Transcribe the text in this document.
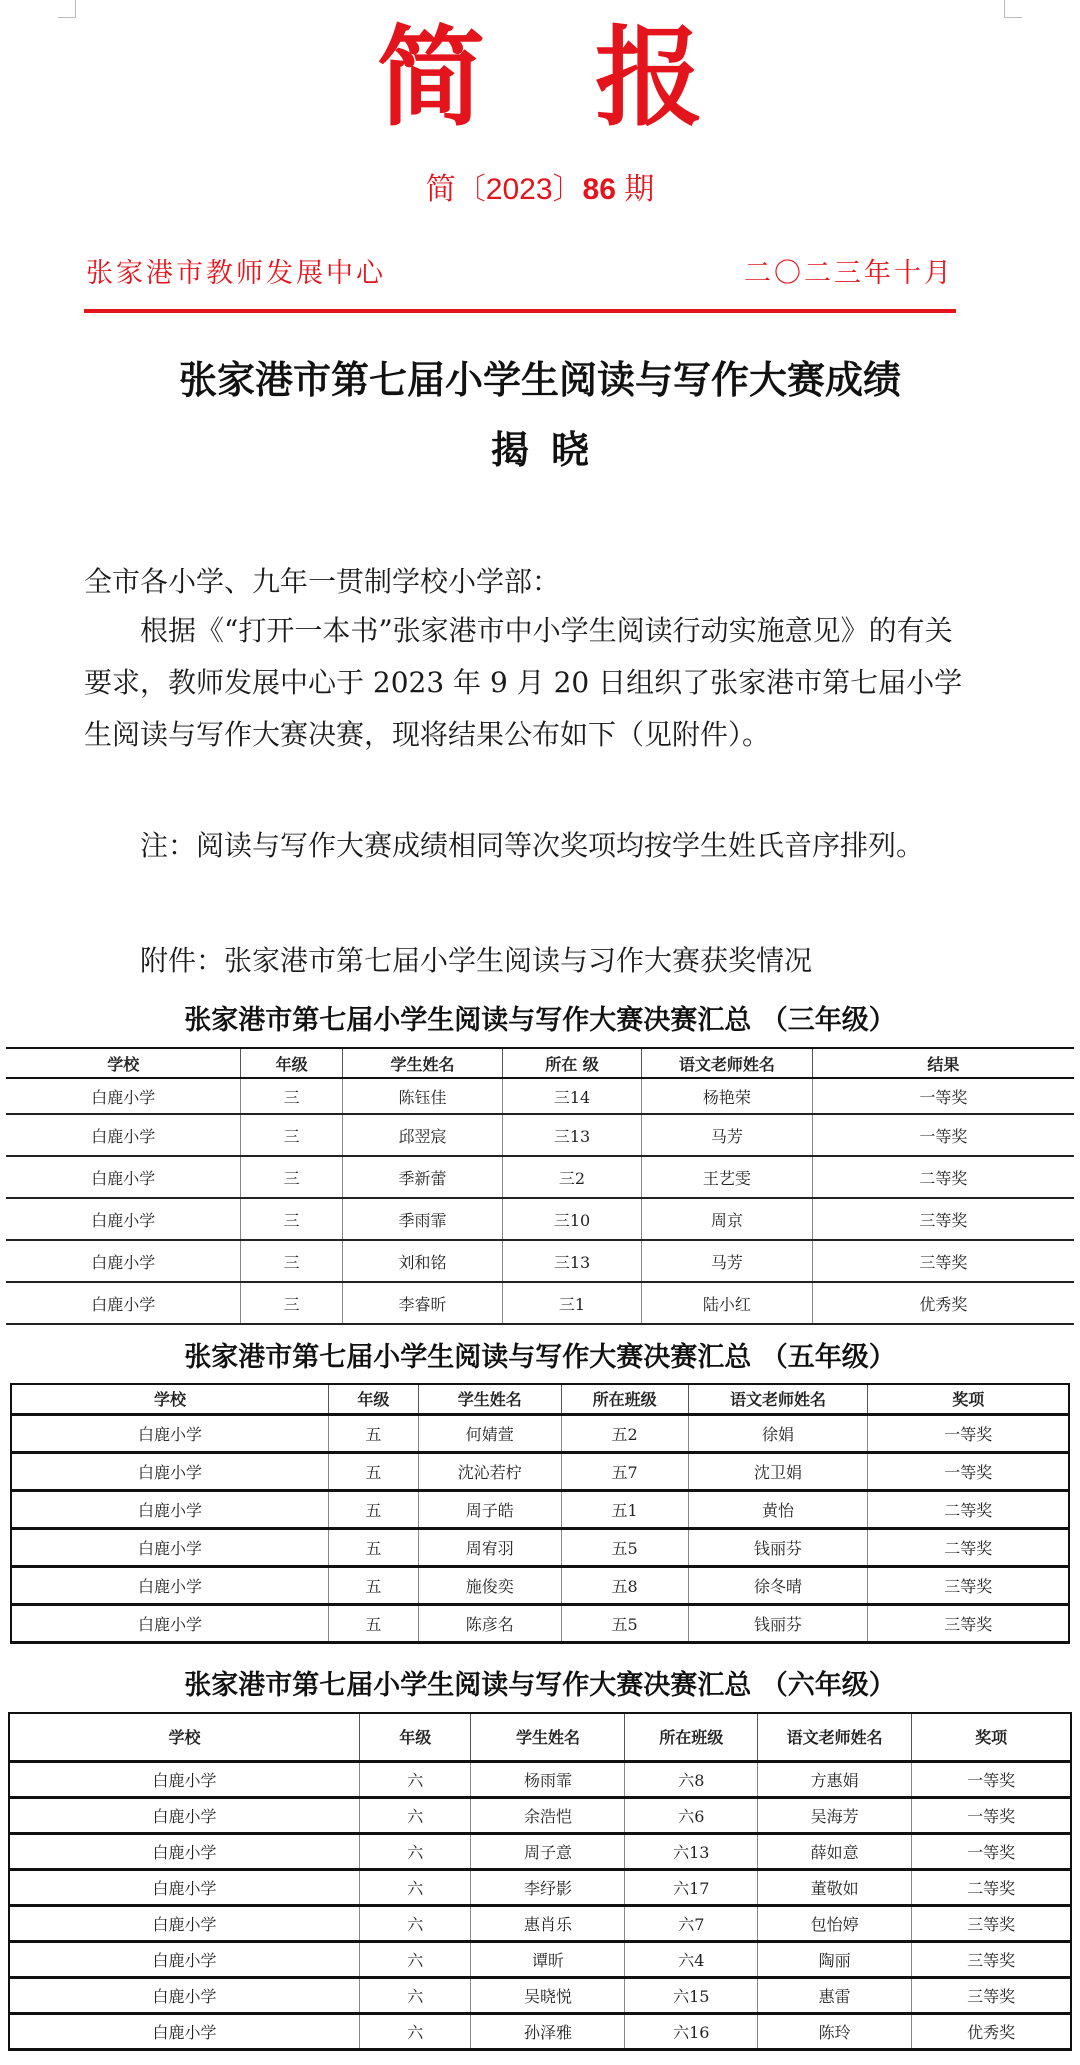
简报
简〔2023〕86 期
张家港市教师发展中心	二〇二三年十月
张家港市第七届小学生阅读与写作大赛成绩
揭晓
全市各小学、九年一贯制学校小学部：
根据《“打开一本书”张家港市中小学生阅读行动实施意见》的有关要求，教师发展中心于 2023 年 9 月 20 日组织了张家港市第七届小学生阅读与写作大赛决赛，现将结果公布如下（见附件）。
注：阅读与写作大赛成绩相同等次奖项均按学生姓氏音序排列。
附件：张家港市第七届小学生阅读与习作大赛获奖情况
张家港市第七届小学生阅读与写作大赛决赛汇总 （三年级）
学校	年级	学生姓名	所在 级	语文老师姓名	结果
白鹿小学	三	陈钰佳	三14	杨艳荣	一等奖
白鹿小学	三	邱翌宸	三13	马芳	一等奖
白鹿小学	三	季新蕾	三2	王艺雯	二等奖
白鹿小学	三	季雨霏	三10	周京	三等奖
白鹿小学	三	刘和铭	三13	马芳	三等奖
白鹿小学	三	李睿昕	三1	陆小红	优秀奖
张家港市第七届小学生阅读与写作大赛决赛汇总 （五年级）
学校	年级	学生姓名	所在班级	语文老师姓名	奖项
白鹿小学	五	何婧萱	五2	徐娟	一等奖
白鹿小学	五	沈沁若柠	五7	沈卫娟	一等奖
白鹿小学	五	周子皓	五1	黄怡	二等奖
白鹿小学	五	周宥羽	五5	钱丽芬	二等奖
白鹿小学	五	施俊奕	五8	徐冬晴	三等奖
白鹿小学	五	陈彦名	五5	钱丽芬	三等奖
张家港市第七届小学生阅读与写作大赛决赛汇总 （六年级）
学校	年级	学生姓名	所在班级	语文老师姓名	奖项
白鹿小学	六	杨雨霏	六8	方惠娟	一等奖
白鹿小学	六	余浩恺	六6	吴海芳	一等奖
白鹿小学	六	周子意	六13	薛如意	一等奖
白鹿小学	六	李纾影	六17	董敬如	二等奖
白鹿小学	六	惠肖乐	六7	包怡婷	三等奖
白鹿小学	六	谭昕	六4	陶丽	三等奖
白鹿小学	六	吴晓悦	六15	惠雷	三等奖
白鹿小学	六	孙泽雅	六16	陈玲	优秀奖
